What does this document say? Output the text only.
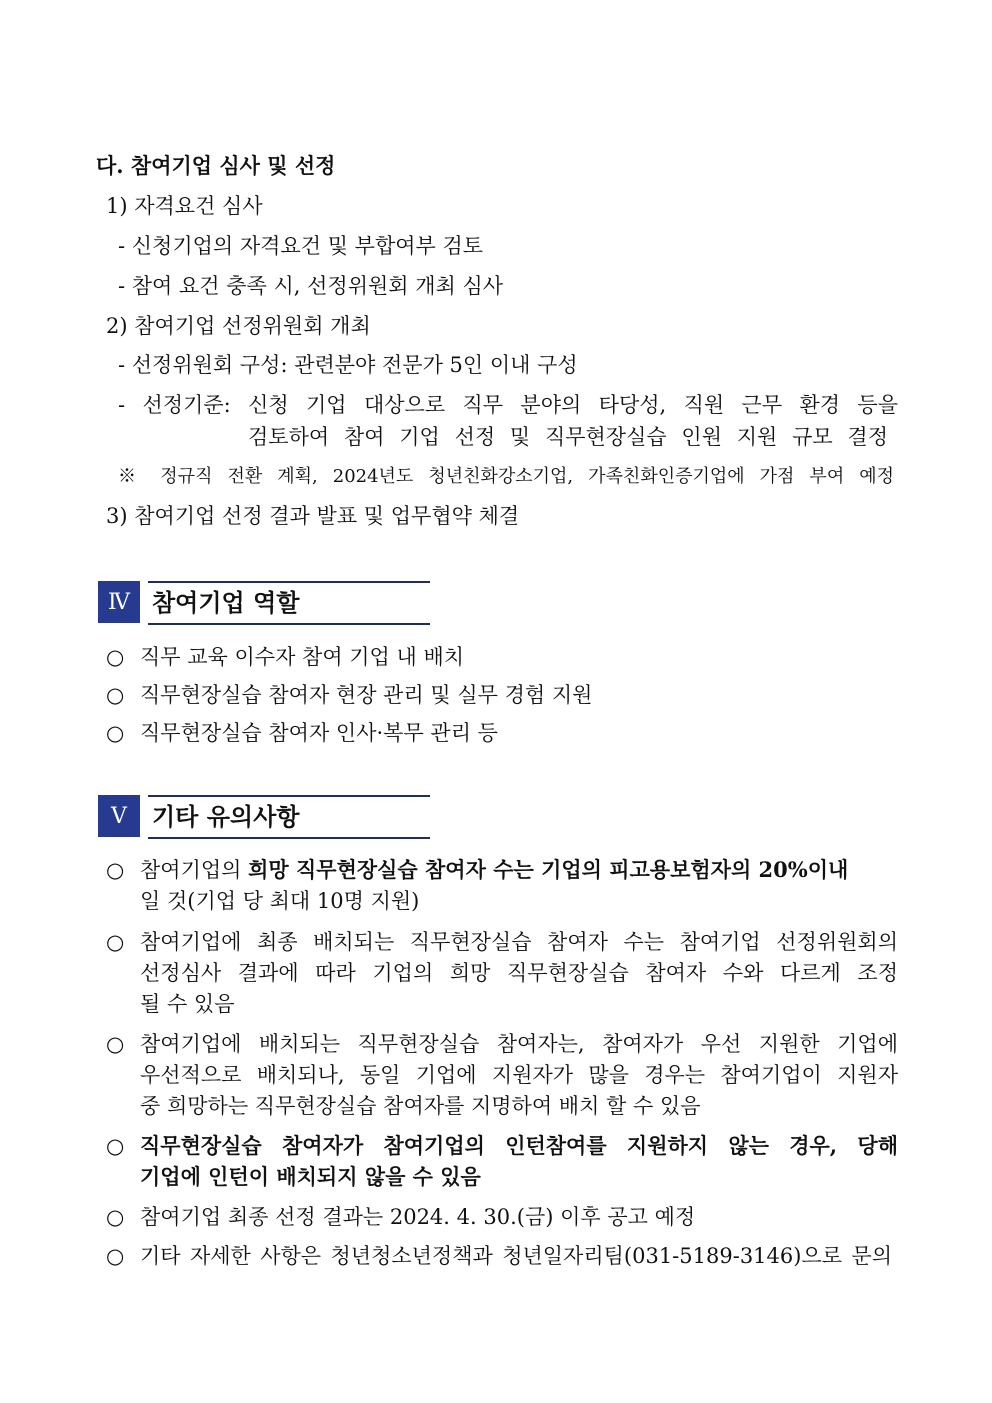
다. 참여기업 심사 및 선정
1) 자격요건 심사
- 신청기업의 자격요건 및 부합여부 검토
- 참여 요건 충족 시, 선정위원회 개최 심사
2) 참여기업 선정위원회 개최
- 선정위원회 구성: 관련분야 전문가 5인 이내 구성
- 선정기준: 신청 기업 대상으로 직무 분야의 타당성, 직원 근무 환경 등을
검토하여 참여 기업 선정 및 직무현장실습 인원 지원 규모 결정
※ 정규직 전환 계획, 2024년도 청년친화강소기업, 가족친화인증기업에 가점 부여 예정
3) 참여기업 선정 결과 발표 및 업무협약 체결
Ⅳ 참여기업 역할
○ 직무 교육 이수자 참여 기업 내 배치
○ 직무현장실습 참여자 현장 관리 및 실무 경험 지원
○ 직무현장실습 참여자 인사·복무 관리 등
Ⅴ	기타 유의사항
○ 참여기업의 희망 직무현장실습 참여자 수는 기업의 피고용보험자의 20%이내
일 것(기업 당 최대 10명 지원)
○ 참여기업에 최종 배치되는 직무현장실습 참여자 수는 참여기업 선정위원회의
선정심사 결과에 따라 기업의 희망 직무현장실습 참여자 수와 다르게 조정
될 수 있음
○ 참여기업에 배치되는 직무현장실습 참여자는, 참여자가 우선 지원한 기업에
우선적으로 배치되나, 동일 기업에 지원자가 많을 경우는 참여기업이 지원자
중 희망하는 직무현장실습 참여자를 지명하여 배치 할 수 있음
○ 직무현장실습 참여자가 참여기업의 인턴참여를 지원하지 않는 경우, 당해
기업에 인턴이 배치되지 않을 수 있음
○ 참여기업 최종 선정 결과는 2024. 4. 30.(금) 이후 공고 예정
○ 기타 자세한 사항은 청년청소년정책과 청년일자리팀(031-5189-3146)으로 문의
